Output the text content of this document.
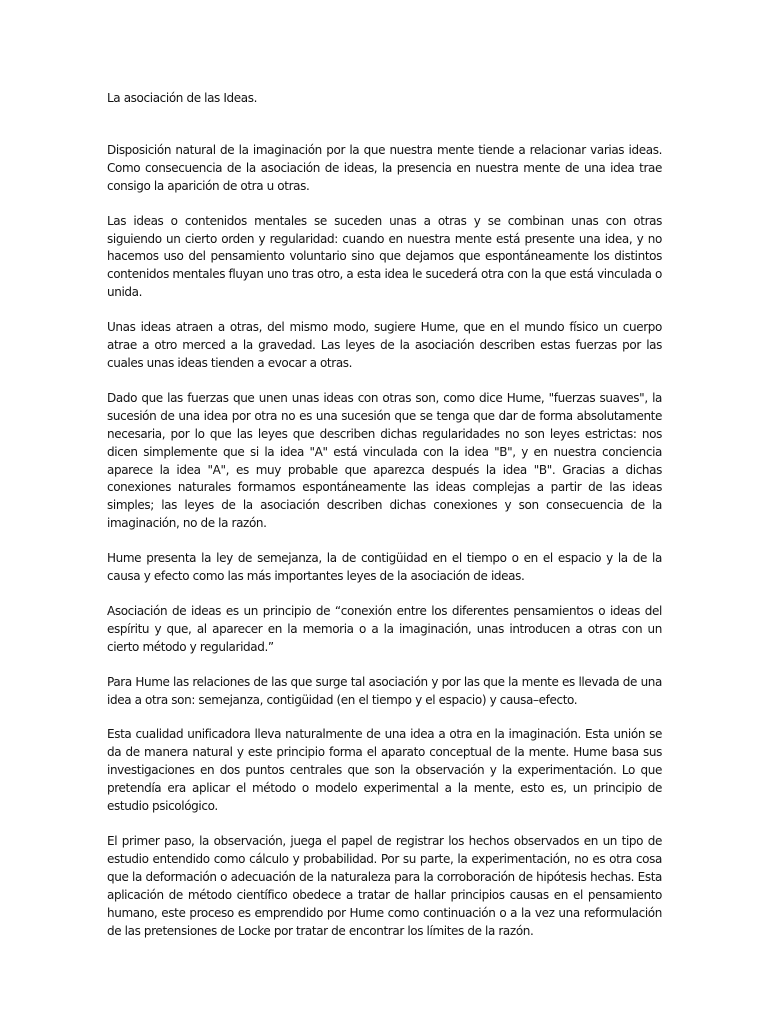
La asociación de las Ideas.

Disposición natural de la imaginación por la que nuestra mente tiende a relacionar varias ideas. Como consecuencia de la asociación de ideas, la presencia en nuestra mente de una idea trae consigo la aparición de otra u otras.

Las ideas o contenidos mentales se suceden unas a otras y se combinan unas con otras siguiendo un cierto orden y regularidad: cuando en nuestra mente está presente una idea, y no hacemos uso del pensamiento voluntario sino que dejamos que espontáneamente los distintos contenidos mentales fluyan uno tras otro, a esta idea le sucederá otra con la que está vinculada o unida.

Unas ideas atraen a otras, del mismo modo, sugiere Hume, que en el mundo físico un cuerpo atrae a otro merced a la gravedad. Las leyes de la asociación describen estas fuerzas por las cuales unas ideas tienden a evocar a otras.

Dado que las fuerzas que unen unas ideas con otras son, como dice Hume, "fuerzas suaves", la sucesión de una idea por otra no es una sucesión que se tenga que dar de forma absolutamente necesaria, por lo que las leyes que describen dichas regularidades no son leyes estrictas: nos dicen simplemente que si la idea "A" está vinculada con la idea "B", y en nuestra conciencia aparece la idea "A", es muy probable que aparezca después la idea "B". Gracias a dichas conexiones naturales formamos espontáneamente las ideas complejas a partir de las ideas simples; las leyes de la asociación describen dichas conexiones y son consecuencia de la imaginación, no de la razón.

Hume presenta la ley de semejanza, la de contigüidad en el tiempo o en el espacio y la de la causa y efecto como las más importantes leyes de la asociación de ideas.

Asociación de ideas es un principio de “conexión entre los diferentes pensamientos o ideas del espíritu y que, al aparecer en la memoria o a la imaginación, unas introducen a otras con un cierto método y regularidad.”

Para Hume las relaciones de las que surge tal asociación y por las que la mente es llevada de una idea a otra son: semejanza, contigüidad (en el tiempo y el espacio) y causa–efecto.

Esta cualidad unificadora lleva naturalmente de una idea a otra en la imaginación. Esta unión se da de manera natural y este principio forma el aparato conceptual de la mente. Hume basa sus investigaciones en dos puntos centrales que son la observación y la experimentación. Lo que pretendía era aplicar el método o modelo experimental a la mente, esto es, un principio de estudio psicológico.

El primer paso, la observación, juega el papel de registrar los hechos observados en un tipo de estudio entendido como cálculo y probabilidad. Por su parte, la experimentación, no es otra cosa que la deformación o adecuación de la naturaleza para la corroboración de hipótesis hechas. Esta aplicación de método científico obedece a tratar de hallar principios causas en el pensamiento humano, este proceso es emprendido por Hume como continuación o a la vez una reformulación de las pretensiones de Locke por tratar de encontrar los límites de la razón.
